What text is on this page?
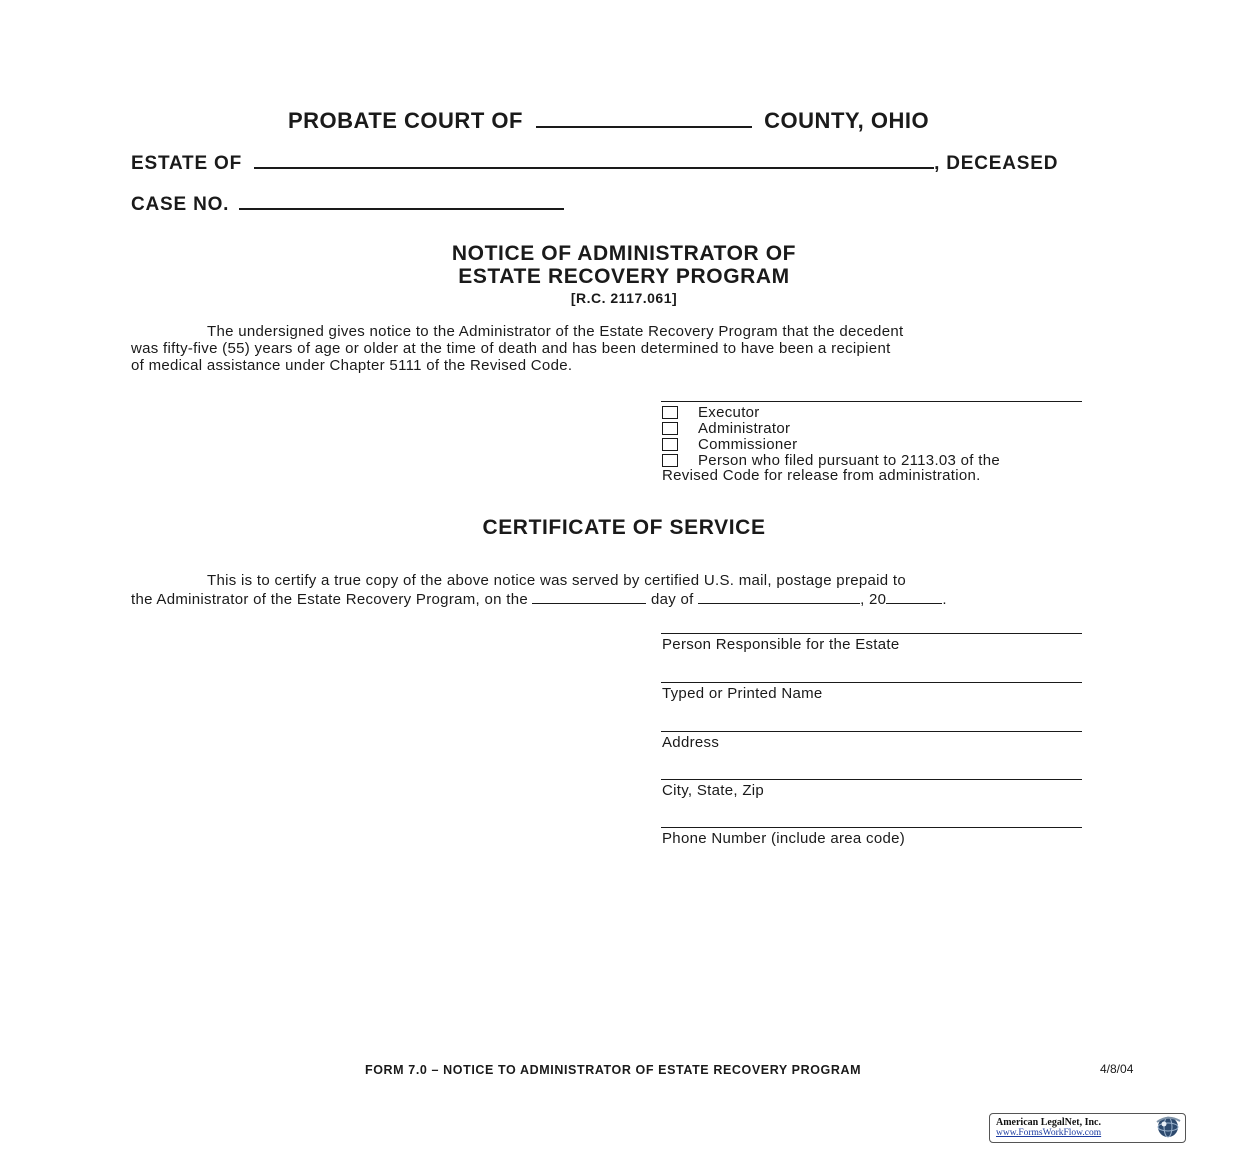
PROBATE COURT OF	COUNTY, OHIO
ESTATE OF	, DECEASED
CASE NO.
NOTICE OF ADMINISTRATOR OF
ESTATE RECOVERY PROGRAM
[R.C. 2117.061]
The undersigned gives notice to the Administrator of the Estate Recovery Program that the decedent
was fifty-five (55) years of age or older at the time of death and has been determined to have been a recipient
of medical assistance under Chapter 5111 of the Revised Code.
Executor
Administrator
Commissioner
Person who filed pursuant to 2113.03 of the
Revised Code for release from administration.
CERTIFICATE OF SERVICE
This is to certify a true copy of the above notice was served by certified U.S. mail, postage prepaid to
the Administrator of the Estate Recovery Program, on the	day of	, 20	.
Person Responsible for the Estate
Typed or Printed Name
Address
City, State, Zip
Phone Number (include area code)
FORM 7.0 – NOTICE TO ADMINISTRATOR OF ESTATE RECOVERY PROGRAM	4/8/04
American LegalNet, Inc.
www.FormsWorkFlow.com
